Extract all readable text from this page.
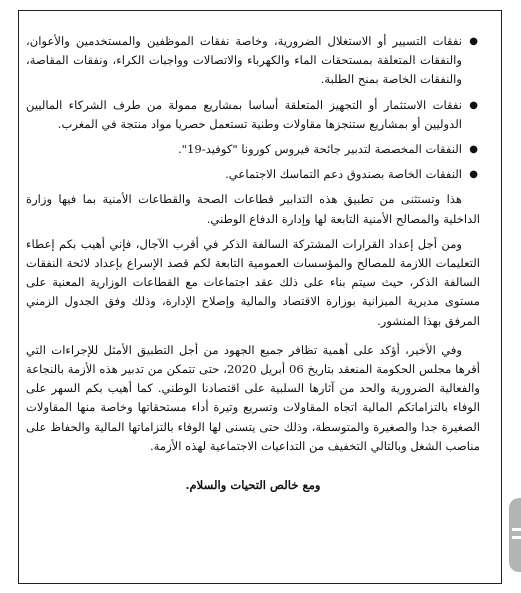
● نفقات التسيير أو الاستغلال الضرورية، وخاصة نفقات الموظفين والمستخدمين والأعوان، والنفقات المتعلقة بمستحقات الماء والكهرباء والاتصالات وواجبات الكراء، ونفقات المقاصة، والنفقات الخاصة بمنح الطلبة.
● نفقات الاستثمار أو التجهيز المتعلقة أساسا بمشاريع ممولة من طرف الشركاء الماليين الدوليين أو بمشاريع ستنجزها مقاولات وطنية تستعمل حصريا مواد منتجة في المغرب.
● النفقات المخصصة لتدبير جائحة فيروس كورونا "كوفيد-19".
● النفقات الخاصة بصندوق دعم التماسك الاجتماعي.

هذا وتستثنى من تطبيق هذه التدابير قطاعات الصحة والقطاعات الأمنية بما فيها وزارة الداخلية والمصالح الأمنية التابعة لها وإدارة الدفاع الوطني.

ومن أجل إعداد القرارات المشتركة السالفة الذكر في أقرب الآجال، فإني أهيب بكم إعطاء التعليمات اللازمة للمصالح والمؤسسات العمومية التابعة لكم قصد الإسراع بإعداد لائحة النفقات السالفة الذكر، حيث سيتم بناء على ذلك عقد اجتماعات مع القطاعات الوزارية المعنية على مستوى مديرية الميزانية بوزارة الاقتصاد والمالية وإصلاح الإدارة، وذلك وفق الجدول الزمني المرفق بهذا المنشور.

وفي الأخير، أؤكد على أهمية تظافر جميع الجهود من أجل التطبيق الأمثل للإجراءات التي أقرها مجلس الحكومة المنعقد بتاريخ 06 أبريل 2020، حتى تتمكن من تدبير هذه الأزمة بالنجاعة والفعالية الضرورية والحد من آثارها السلبية على اقتصادنا الوطني. كما أهيب بكم السهر على الوفاء بالتزاماتكم المالية اتجاه المقاولات وتسريع وتيرة أداء مستحقاتها وخاصة منها المقاولات الصغيرة جدا والصغيرة والمتوسطة، وذلك حتى يتسنى لها الوفاء بالتزاماتها المالية والحفاظ على مناصب الشغل وبالتالي التخفيف من التداعيات الاجتماعية لهذه الأزمة.

ومع خالص التحيات والسلام.
